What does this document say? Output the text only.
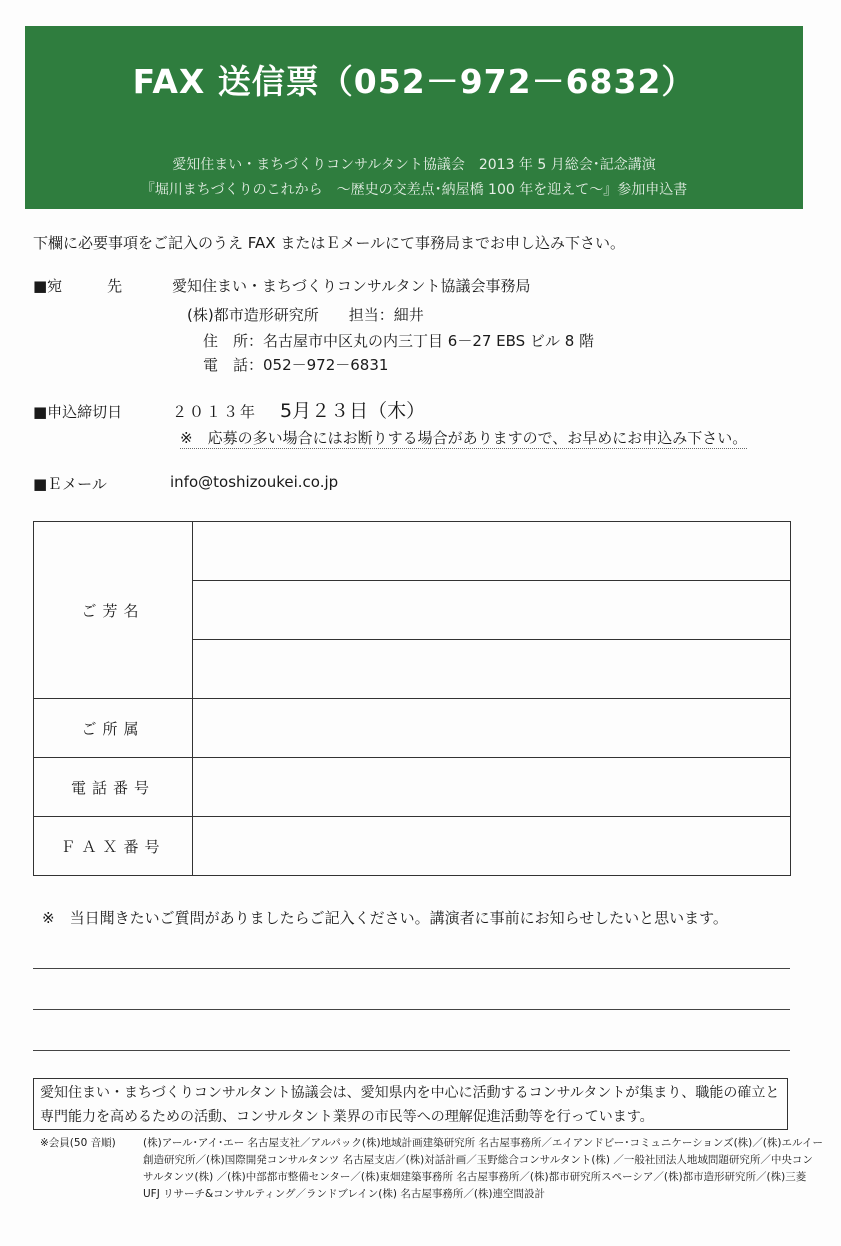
FAX 送信票（052－972－6832）
愛知住まい・まちづくりコンサルタント協議会　2013 年 5 月総会･記念講演
『堀川まちづくりのこれから　～歴史の交差点･納屋橋 100 年を迎えて～』参加申込書
下欄に必要事項をご記入のうえ FAX またはＥメールにて事務局までお申し込み下さい。
■宛　　　先	愛知住まい・まちづくりコンサルタント協議会事務局
(株)都市造形研究所　　担当：細井
住　所：名古屋市中区丸の内三丁目 6－27 EBS ビル 8 階
電　話：052－972－6831
■申込締切日	２０１３年 5月２３日（木）
※　応募の多い場合にはお断りする場合がありますので、お早めにお申込み下さい。
■Ｅメール	info@toshizoukei.co.jp
ご芳名	

ご所属	
電話番号	
ＦＡＸ番号	
※　当日聞きたいご質問がありましたらご記入ください。講演者に事前にお知らせしたいと思います。
愛知住まい・まちづくりコンサルタント協議会は、愛知県内を中心に活動するコンサルタントが集まり、職能の確立と専門能力を高めるための活動、コンサルタント業界の市民等への理解促進活動等を行っています。
※会員(50 音順)	(株)アール･アイ･エー 名古屋支社／アルパック(株)地域計画建築研究所 名古屋事務所／エイアンドビー･コミュニケーションズ(株)／(株)エルイー創造研究所／(株)国際開発コンサルタンツ 名古屋支店／(株)対話計画／玉野総合コンサルタント(株) ／一般社団法人地域問題研究所／中央コンサルタンツ(株) ／(株)中部都市整備センター／(株)東畑建築事務所 名古屋事務所／(株)都市研究所スペーシア／(株)都市造形研究所／(株)三菱 UFJ リサーチ&コンサルティング／ランドブレイン(株) 名古屋事務所／(株)連空間設計
